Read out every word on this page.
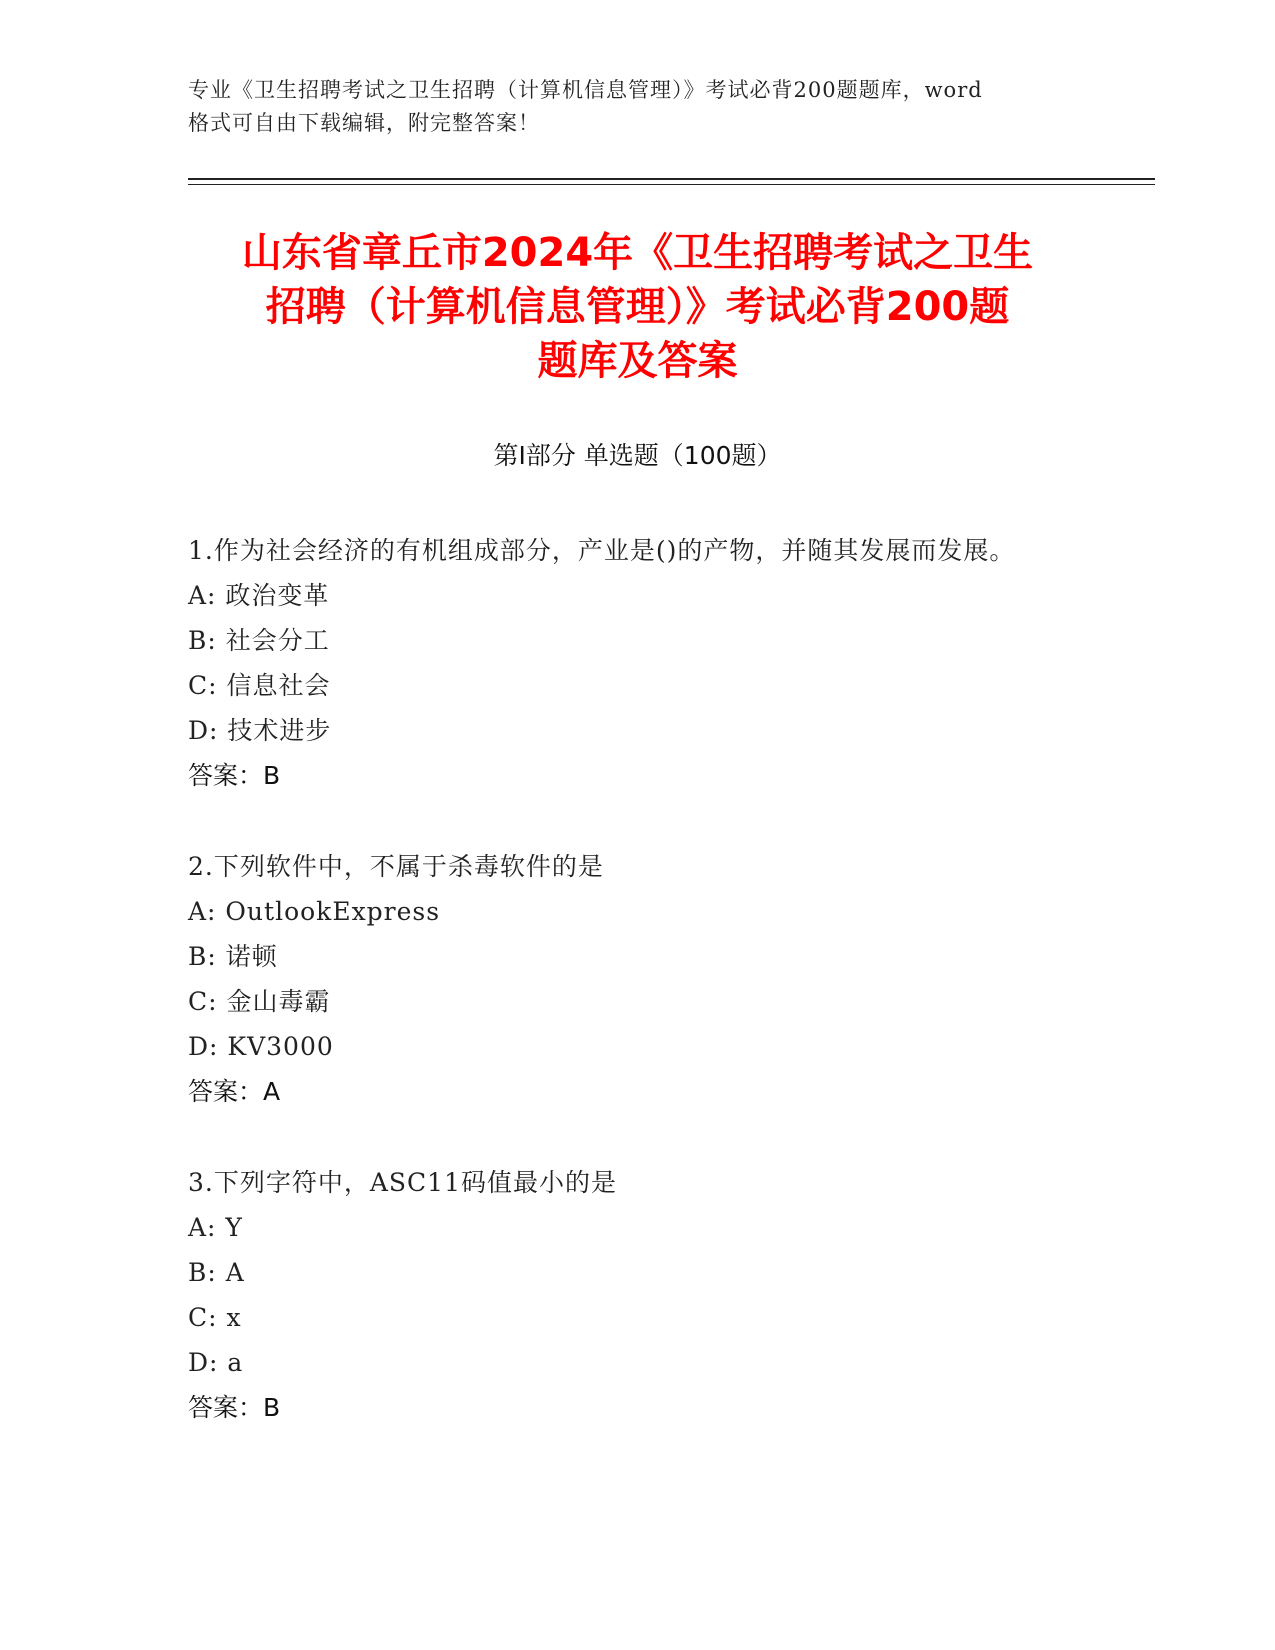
专业《卫生招聘考试之卫生招聘（计算机信息管理）》考试必背200题题库，word
格式可自由下载编辑，附完整答案！
山东省章丘市2024年《卫生招聘考试之卫生
招聘（计算机信息管理）》考试必背200题
题库及答案
第Ⅰ部分 单选题（100题）
1.作为社会经济的有机组成部分，产业是()的产物，并随其发展而发展。
A: 政治变革
B: 社会分工
C: 信息社会
D: 技术进步
答案：B
2.下列软件中，不属于杀毒软件的是
A: OutlookExpress
B: 诺顿
C: 金山毒霸
D: KV3000
答案：A
3.下列字符中，ASC11码值最小的是
A: Y
B: A
C: x
D: a
答案：B
